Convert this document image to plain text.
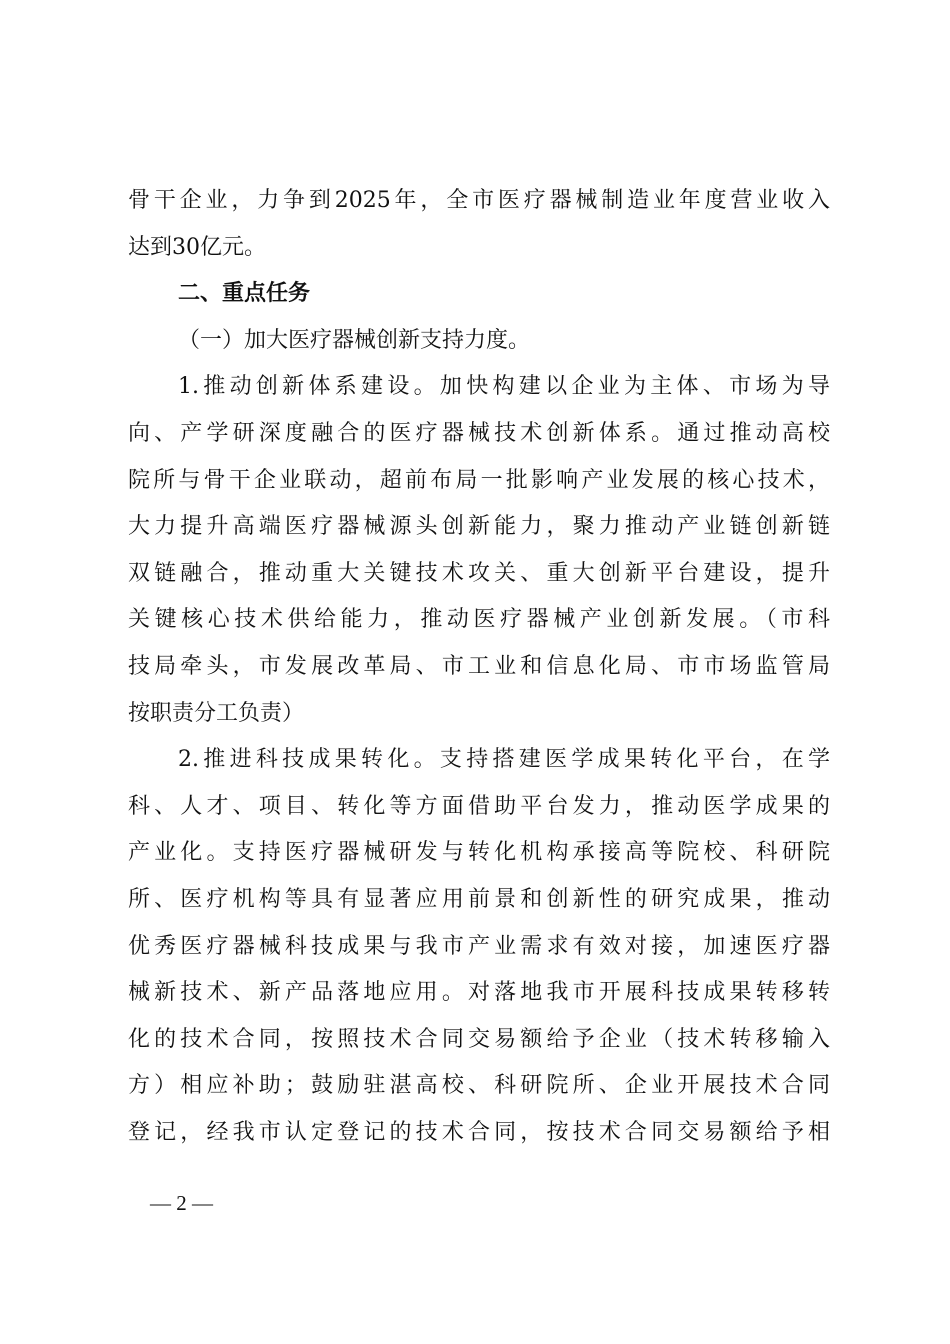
骨干企业，力争到2025年，全市医疗器械制造业年度营业收入
达到30亿元。
二、重点任务
（一）加大医疗器械创新支持力度。
1.推动创新体系建设。加快构建以企业为主体、市场为导
向、产学研深度融合的医疗器械技术创新体系。通过推动高校
院所与骨干企业联动，超前布局一批影响产业发展的核心技术，
大力提升高端医疗器械源头创新能力，聚力推动产业链创新链
双链融合，推动重大关键技术攻关、重大创新平台建设，提升
关键核心技术供给能力，推动医疗器械产业创新发展。（市科
技局牵头，市发展改革局、市工业和信息化局、市市场监管局
按职责分工负责）
2.推进科技成果转化。支持搭建医学成果转化平台，在学
科、人才、项目、转化等方面借助平台发力，推动医学成果的
产业化。支持医疗器械研发与转化机构承接高等院校、科研院
所、医疗机构等具有显著应用前景和创新性的研究成果，推动
优秀医疗器械科技成果与我市产业需求有效对接，加速医疗器
械新技术、新产品落地应用。对落地我市开展科技成果转移转
化的技术合同，按照技术合同交易额给予企业（技术转移输入
方）相应补助；鼓励驻湛高校、科研院所、企业开展技术合同
登记，经我市认定登记的技术合同，按技术合同交易额给予相
— 2 —
